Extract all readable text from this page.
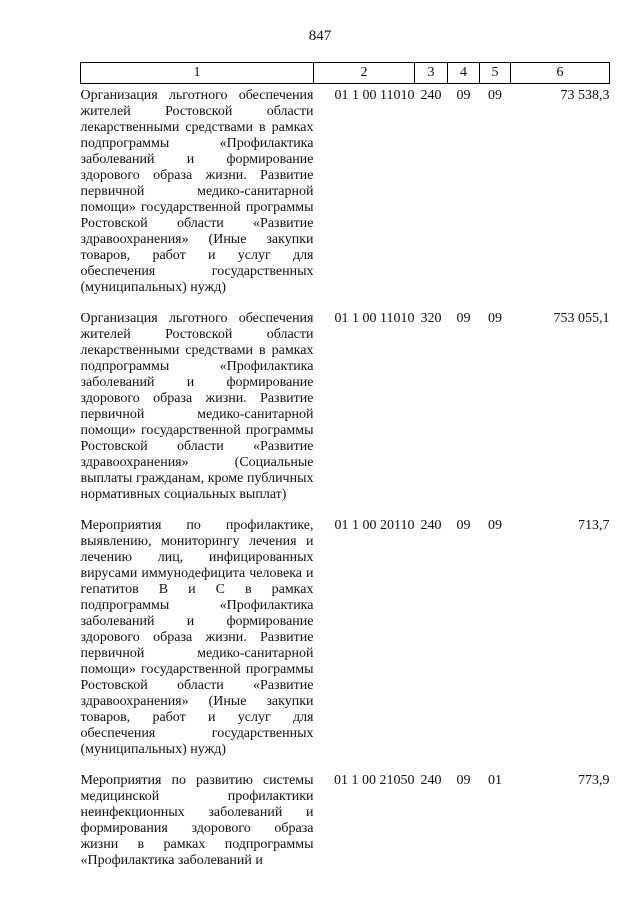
847
1	2	3	4	5	6
Организация льготного обеспечения жителей Ростовской области лекарственными средствами в рамках подпрограммы «Профилактика заболеваний и формирование здорового образа жизни. Развитие первичной медико-санитарной помощи» государственной программы Ростовской области «Развитие здравоохранения» (Иные закупки товаров, работ и услуг для обеспечения государственных (муниципальных) нужд)	01 1 00 11010	240	09	09	73 538,3
Организация льготного обеспечения жителей Ростовской области лекарственными средствами в рамках подпрограммы «Профилактика заболеваний и формирование здорового образа жизни. Развитие первичной медико-санитарной помощи» государственной программы Ростовской области «Развитие здравоохранения» (Социальные выплаты гражданам, кроме публичных нормативных социальных выплат)	01 1 00 11010	320	09	09	753 055,1
Мероприятия по профилактике, выявлению, мониторингу лечения и лечению лиц, инфицированных вирусами иммунодефицита человека и гепатитов B и C в рамках подпрограммы «Профилактика заболеваний и формирование здорового образа жизни. Развитие первичной медико-санитарной помощи» государственной программы Ростовской области «Развитие здравоохранения» (Иные закупки товаров, работ и услуг для обеспечения государственных (муниципальных) нужд)	01 1 00 20110	240	09	09	713,7

Мероприятия по развитию системы медицинской профилактики неинфекционных заболеваний и формирования здорового образа жизни в рамках подпрограммы «Профилактика заболеваний и	01 1 00 21050	240	09	01	773,9
